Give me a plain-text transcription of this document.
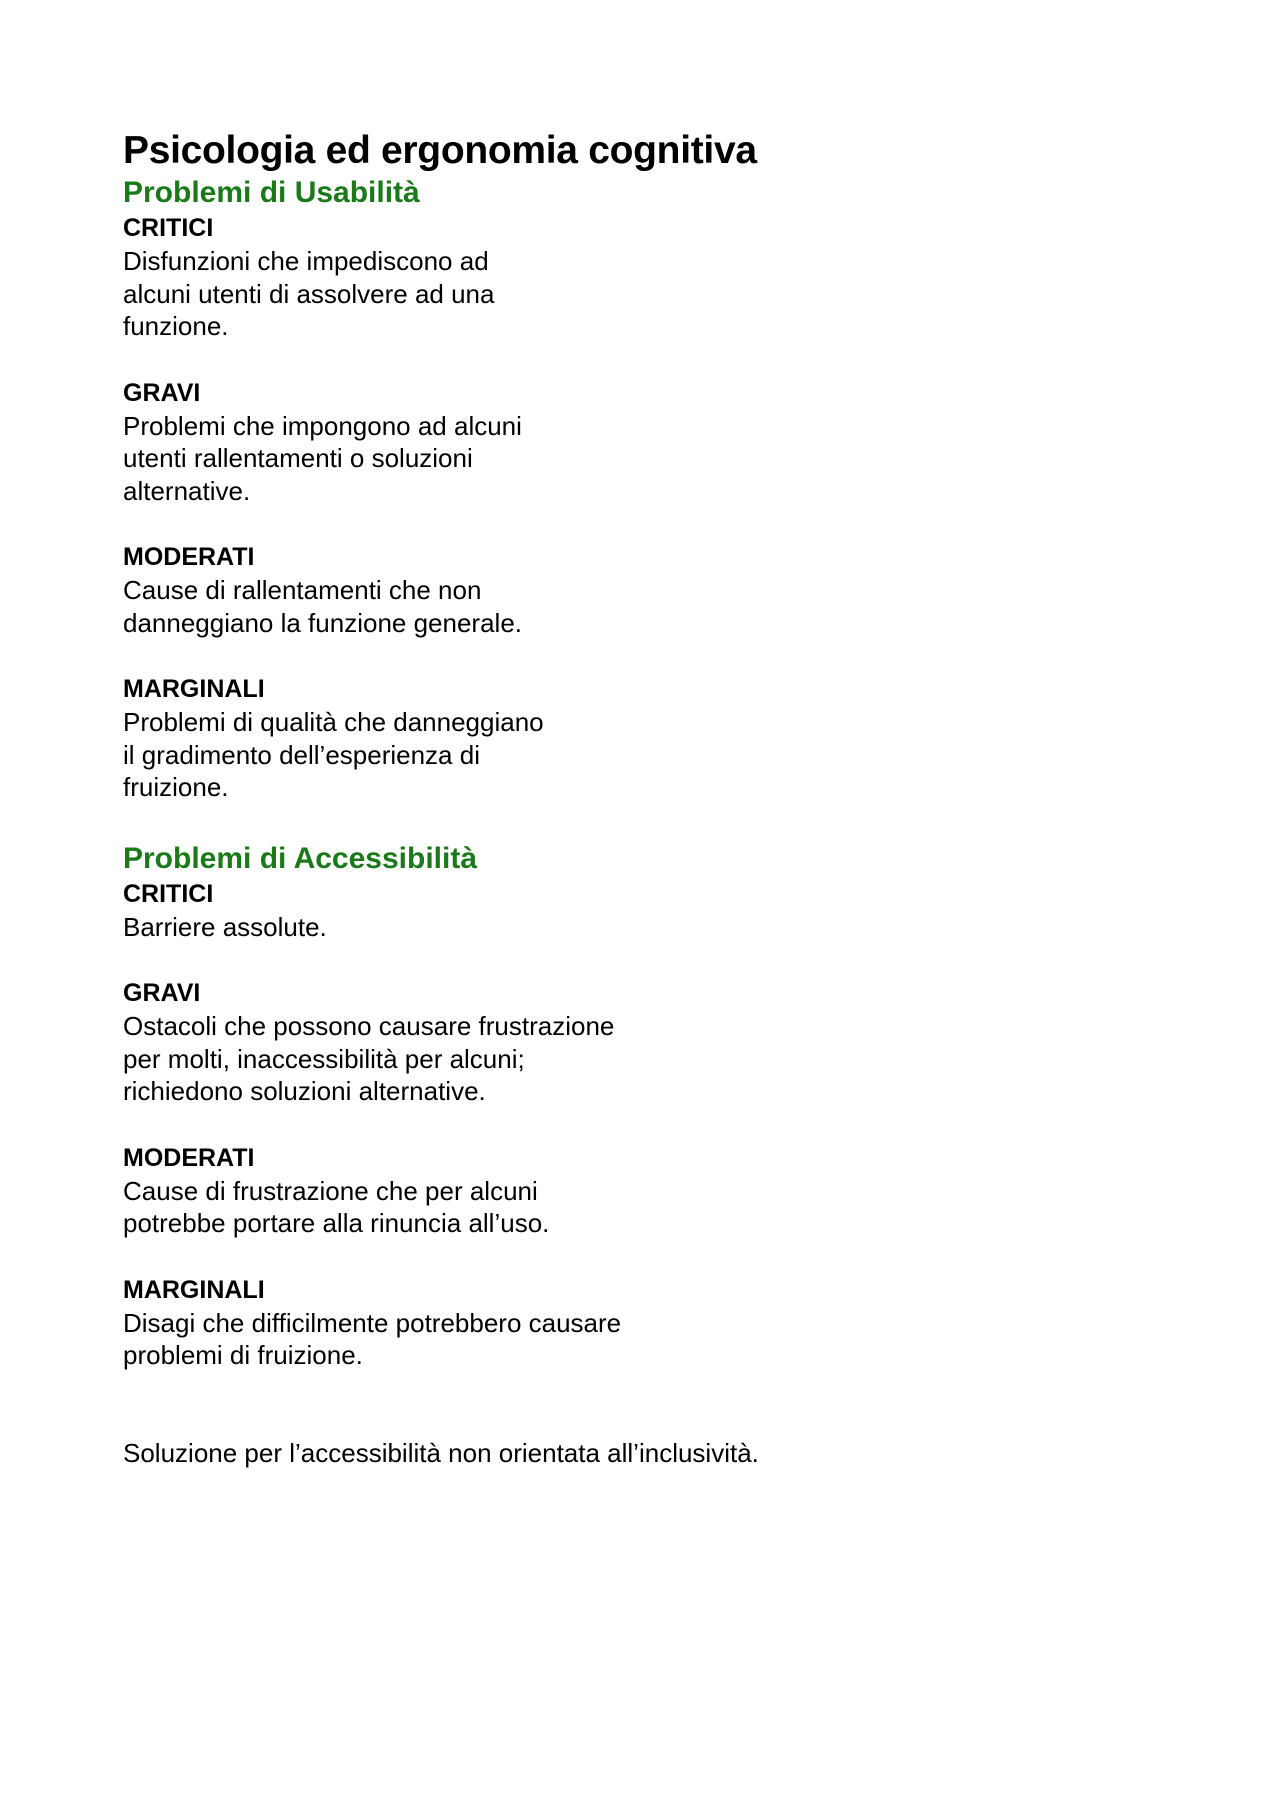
Psicologia ed ergonomia cognitiva
Problemi di Usabilità

CRITICI

Disfunzioni che impediscono ad alcuni utenti di assolvere ad una funzione.

GRAVI

Problemi che impongono ad alcuni utenti rallentamenti o soluzioni alternative.

MODERATI

Cause di rallentamenti che non danneggiano la funzione generale.

MARGINALI

Problemi di qualità che danneggiano il gradimento dell’esperienza di fruizione.

Problemi di Accessibilità

CRITICI

Barriere assolute.

GRAVI

Ostacoli che possono causare frustrazione per molti, inaccessibilità per alcuni; richiedono soluzioni alternative.

MODERATI

Cause di frustrazione che per alcuni potrebbe portare alla rinuncia all’uso.

MARGINALI

Disagi che difficilmente potrebbero causare problemi di fruizione.

Soluzione per l’accessibilità non orientata all’inclusività.
